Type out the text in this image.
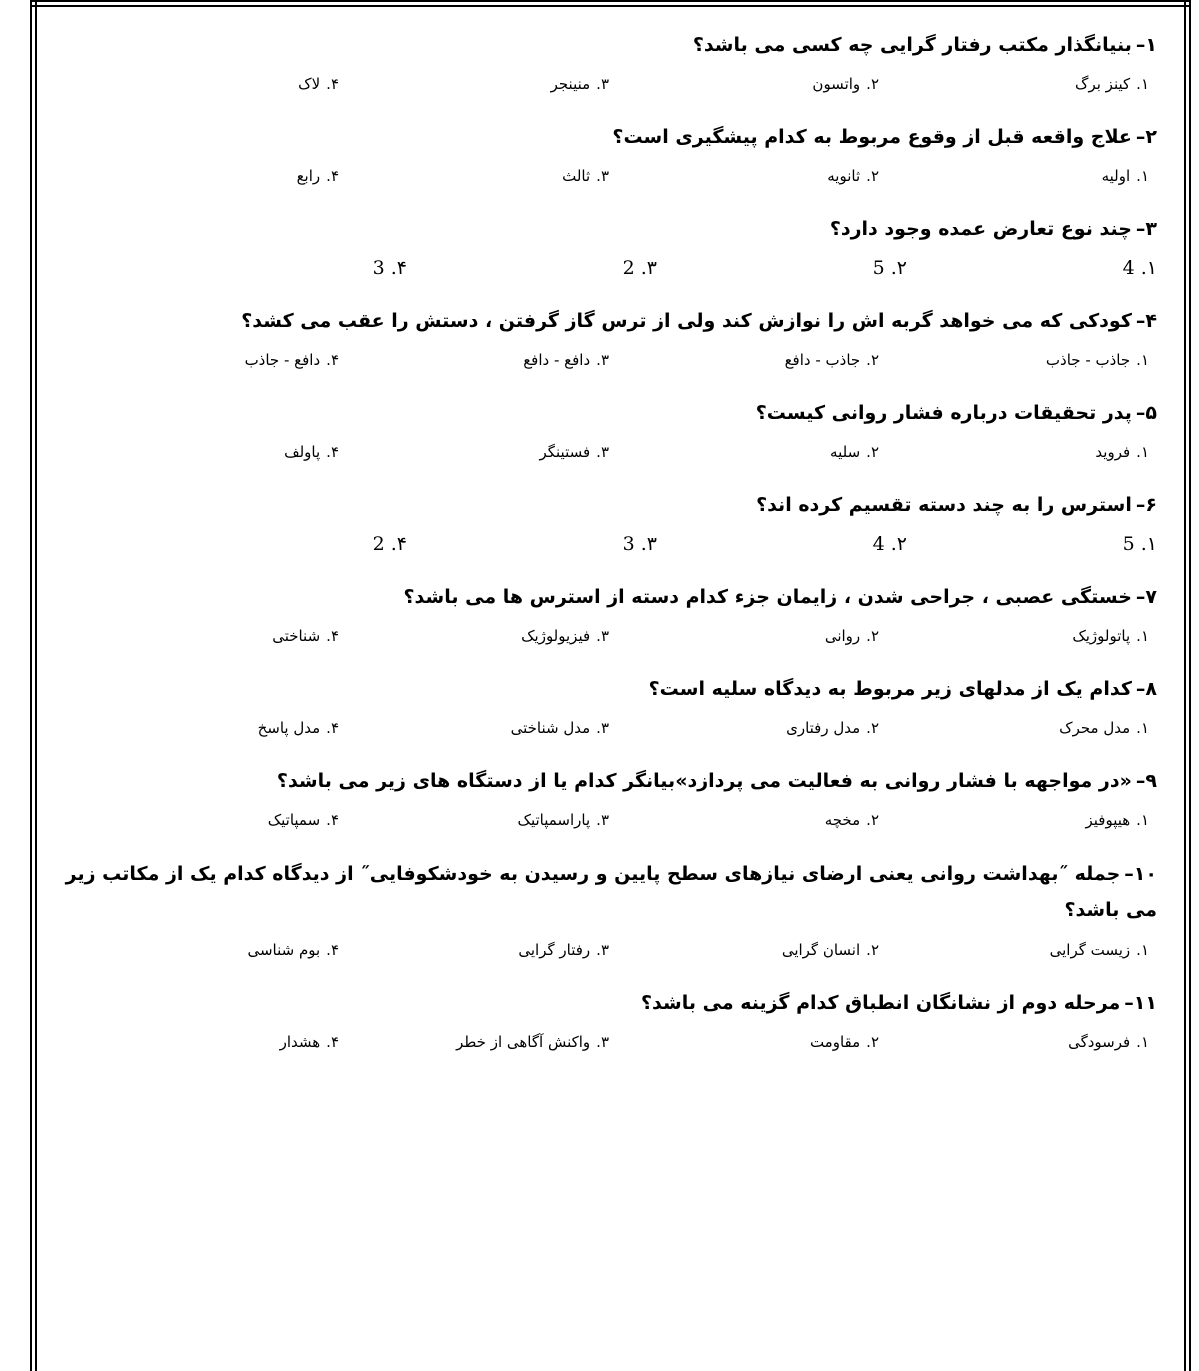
۱–بنیانگذار مکتب رفتار گرایی چه کسی می باشد؟
۱.کینز برگ
۲.واتسون
۳.منینجر
۴.لاک
۲–علاج واقعه قبل از وقوع مربوط به کدام پیشگیری است؟
۱.اولیه
۲.ثانویه
۳.ثالث
۴.رابع
۳–چند نوع تعارض عمده وجود دارد؟
4 .۱
5 .۲
2 .۳
3 .۴
۴–کودکی که می خواهد گربه اش را نوازش کند ولی از ترس گاز گرفتن ، دستش را عقب می کشد؟
۱.جاذب - جاذب
۲.جاذب - دافع
۳.دافع - دافع
۴.دافع - جاذب
۵–پدر تحقیقات درباره فشار روانی کیست؟
۱.فروید
۲.سلیه
۳.فستینگر
۴.پاولف
۶–استرس را به چند دسته تقسیم کرده اند؟
5 .۱
4 .۲
3 .۳
2 .۴
۷–خستگی عصبی ، جراحی شدن ، زایمان جزء کدام دسته از استرس ها می باشد؟
۱.پاتولوژیک
۲.روانی
۳.فیزیولوژیک
۴.شناختی
۸–کدام یک از مدلهای زیر مربوط به دیدگاه سلیه است؟
۱.مدل محرک
۲.مدل رفتاری
۳.مدل شناختی
۴.مدل پاسخ
۹–«در مواجهه با فشار روانی به فعالیت می پردازد»بیانگر کدام یا از دستگاه های زیر می باشد؟
۱.هیپوفیز
۲.مخچه
۳.پاراسمپاتیک
۴.سمپاتیک
۱۰–جمله ˝بهداشت روانی یعنی ارضای نیازهای سطح پایین و رسیدن به خودشکوفایی˝ از دیدگاه کدام یک از مکاتب زیر می باشد؟
۱.زیست گرایی
۲.انسان گرایی
۳.رفتار گرایی
۴.بوم شناسی
۱۱–مرحله دوم از نشانگان انطباق کدام گزینه می باشد؟
۱.فرسودگی
۲.مقاومت
۳.واکنش آگاهی از خطر
۴.هشدار
